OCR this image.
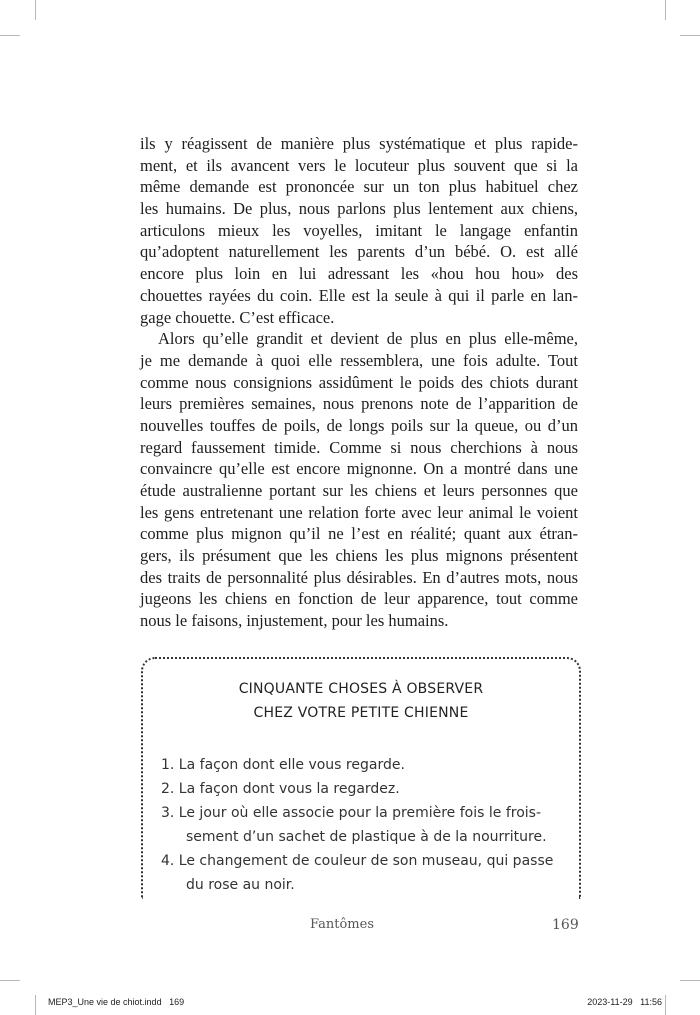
ils y réagissent de manière plus systématique et plus rapide-
ment, et ils avancent vers le locuteur plus souvent que si la
même demande est prononcée sur un ton plus habituel chez
les humains. De plus, nous parlons plus lentement aux chiens,
articulons mieux les voyelles, imitant le langage enfantin
qu’adoptent naturellement les parents d’un bébé. O. est allé
encore plus loin en lui adressant les «hou hou hou» des
chouettes rayées du coin. Elle est la seule à qui il parle en lan-
gage chouette. C’est efficace.
Alors qu’elle grandit et devient de plus en plus elle-même,
je me demande à quoi elle ressemblera, une fois adulte. Tout
comme nous consignions assidûment le poids des chiots durant
leurs premières semaines, nous prenons note de l’apparition de
nouvelles touffes de poils, de longs poils sur la queue, ou d’un
regard faussement timide. Comme si nous cherchions à nous
convaincre qu’elle est encore mignonne. On a montré dans une
étude australienne portant sur les chiens et leurs personnes que
les gens entretenant une relation forte avec leur animal le voient
comme plus mignon qu’il ne l’est en réalité; quant aux étran-
gers, ils présument que les chiens les plus mignons présentent
des traits de personnalité plus désirables. En d’autres mots, nous
jugeons les chiens en fonction de leur apparence, tout comme
nous le faisons, injustement, pour les humains.
CINQUANTE CHOSES À OBSERVER
CHEZ VOTRE PETITE CHIENNE
1. La façon dont elle vous regarde.
2. La façon dont vous la regardez.
3. Le jour où elle associe pour la première fois le frois-
sement d’un sachet de plastique à de la nourriture.
4. Le changement de couleur de son museau, qui passe
du rose au noir.
Fantômes	169
MEP3_Une vie de chiot.indd   169	2023-11-29   11:56
